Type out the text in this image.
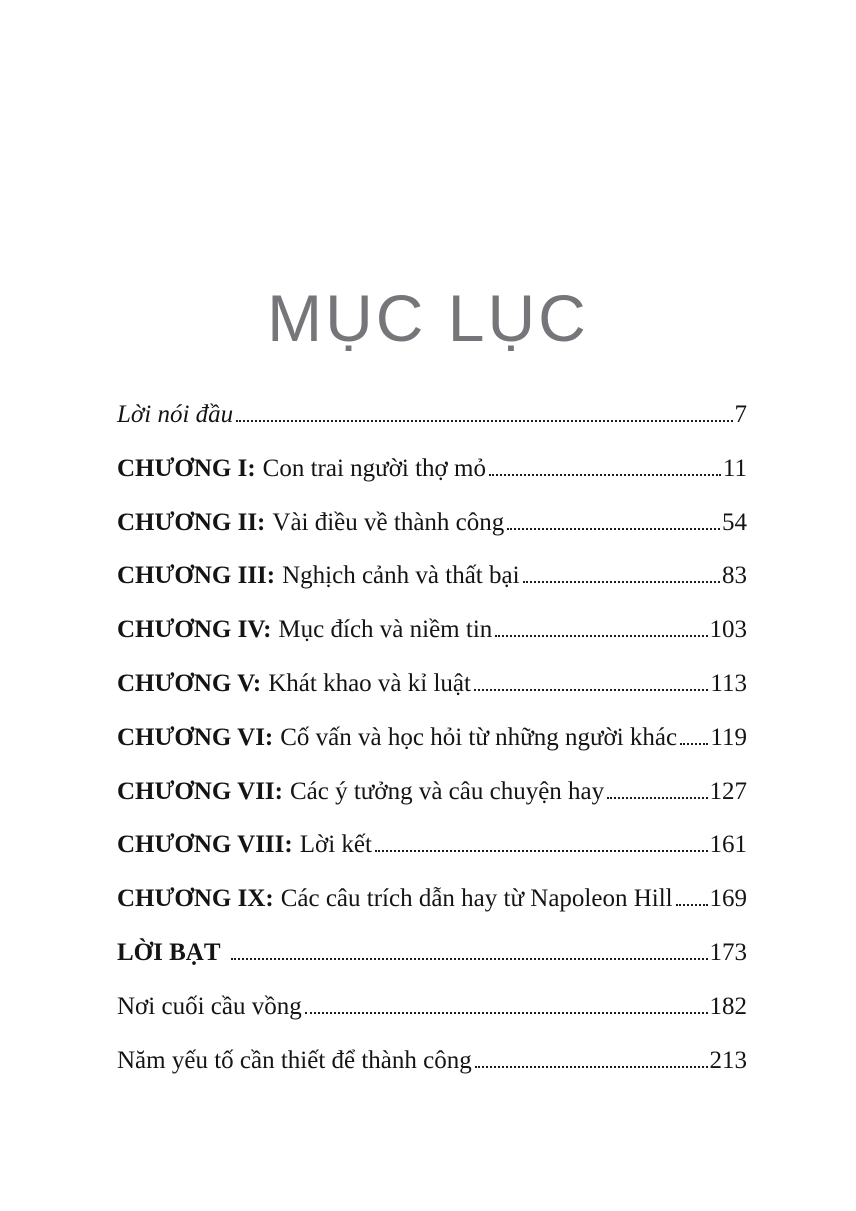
MỤC LỤC
Lời nói đầu	7
CHƯƠNG I: Con trai người thợ mỏ	11
CHƯƠNG II: Vài điều về thành công	54
CHƯƠNG III: Nghịch cảnh và thất bại	83
CHƯƠNG IV: Mục đích và niềm tin	103
CHƯƠNG V: Khát khao và kỉ luật	113
CHƯƠNG VI: Cố vấn và học hỏi từ những người khác 119
CHƯƠNG VII: Các ý tưởng và câu chuyện hay	127
CHƯƠNG VIII: Lời kết	161
CHƯƠNG IX: Các câu trích dẫn hay từ Napoleon Hill 169
LỜI BẠT	173
Nơi cuối cầu vồng	182
Năm yếu tố cần thiết để thành công	213
